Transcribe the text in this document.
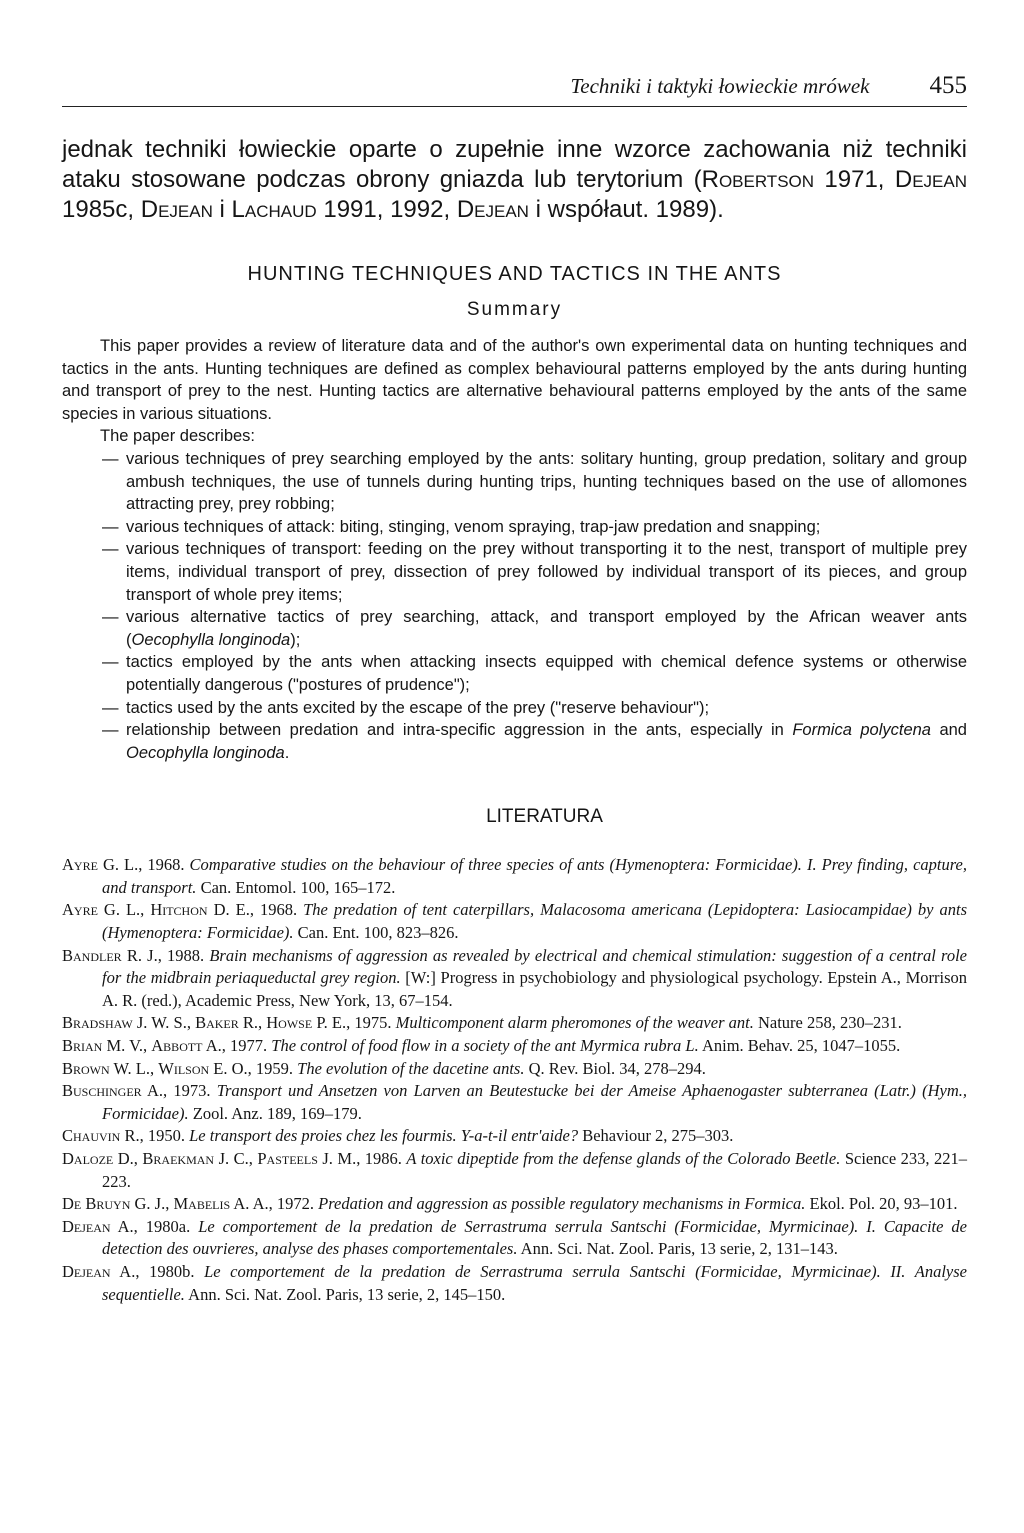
Techniki i taktyki łowieckie mrówek 455

jednak techniki łowieckie oparte o zupełnie inne wzorce zachowania niż techniki ataku stosowane podczas obrony gniazda lub terytorium (Robertson 1971, Dejean 1985c, Dejean i Lachaud 1991, 1992, Dejean i współaut. 1989).

HUNTING TECHNIQUES AND TACTICS IN THE ANTS
Summary

This paper provides a review of literature data and of the author's own experimental data on hunting techniques and tactics in the ants. Hunting techniques are defined as complex behavioural patterns employed by the ants during hunting and transport of prey to the nest. Hunting tactics are alternative behavioural patterns employed by the ants of the same species in various situations.

The paper describes:

— various techniques of prey searching employed by the ants: solitary hunting, group predation, solitary and group ambush techniques, the use of tunnels during hunting trips, hunting techniques based on the use of allomones attracting prey, prey robbing;
— various techniques of attack: biting, stinging, venom spraying, trap-jaw predation and snapping;
— various techniques of transport: feeding on the prey without transporting it to the nest, transport of multiple prey items, individual transport of prey, dissection of prey followed by individual transport of its pieces, and group transport of whole prey items;
— various alternative tactics of prey searching, attack, and transport employed by the African weaver ants (Oecophylla longinoda);
— tactics employed by the ants when attacking insects equipped with chemical defence systems or otherwise potentially dangerous ("postures of prudence");
— tactics used by the ants excited by the escape of the prey ("reserve behaviour");
— relationship between predation and intra-specific aggression in the ants, especially in Formica polyctena and Oecophylla longinoda.
LITERATURA
Ayre G. L., 1968. Comparative studies on the behaviour of three species of ants (Hymenoptera: Formicidae). I. Prey finding, capture, and transport. Can. Entomol. 100, 165–172.
Ayre G. L., Hitchon D. E., 1968. The predation of tent caterpillars, Malacosoma americana (Lepidoptera: Lasiocampidae) by ants (Hymenoptera: Formicidae). Can. Ent. 100, 823–826.
Bandler R. J., 1988. Brain mechanisms of aggression as revealed by electrical and chemical stimulation: suggestion of a central role for the midbrain periaqueductal grey region. [W:] Progress in psychobiology and physiological psychology. Epstein A., Morrison A. R. (red.), Academic Press, New York, 13, 67–154.
Bradshaw J. W. S., Baker R., Howse P. E., 1975. Multicomponent alarm pheromones of the weaver ant. Nature 258, 230–231.
Brian M. V., Abbott A., 1977. The control of food flow in a society of the ant Myrmica rubra L. Anim. Behav. 25, 1047–1055.
Brown W. L., Wilson E. O., 1959. The evolution of the dacetine ants. Q. Rev. Biol. 34, 278–294.
Buschinger A., 1973. Transport und Ansetzen von Larven an Beutestucke bei der Ameise Aphaenogaster subterranea (Latr.) (Hym., Formicidae). Zool. Anz. 189, 169–179.
Chauvin R., 1950. Le transport des proies chez les fourmis. Y-a-t-il entr'aide? Behaviour 2, 275–303.
Daloze D., Braekman J. C., Pasteels J. M., 1986. A toxic dipeptide from the defense glands of the Colorado Beetle. Science 233, 221–223.
De Bruyn G. J., Mabelis A. A., 1972. Predation and aggression as possible regulatory mechanisms in Formica. Ekol. Pol. 20, 93–101.
Dejean A., 1980a. Le comportement de la predation de Serrastruma serrula Santschi (Formicidae, Myrmicinae). I. Capacite de detection des ouvrieres, analyse des phases comportementales. Ann. Sci. Nat. Zool. Paris, 13 serie, 2, 131–143.
Dejean A., 1980b. Le comportement de la predation de Serrastruma serrula Santschi (Formicidae, Myrmicinae). II. Analyse sequentielle. Ann. Sci. Nat. Zool. Paris, 13 serie, 2, 145–150.
